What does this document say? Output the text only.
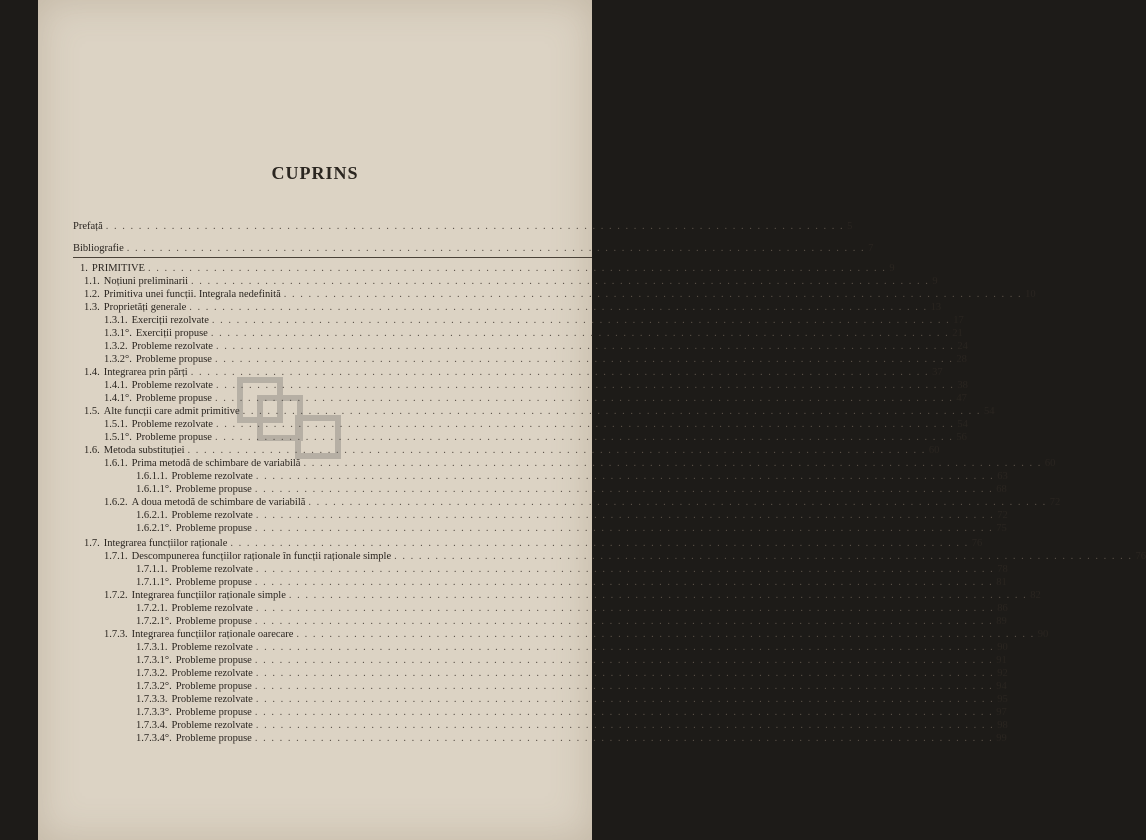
CUPRINS
Prefață . . . . . . . . . . . . . . . . . . . . . . . . . . . . . . . . . . . . . . . . . . . . . . . . . . . . . . . . . . . . . . . . . . . . . . . . . . . . . . . . . . . . . . . . . . 5
Bibliografie . . . . . . . . . . . . . . . . . . . . . . . . . . . . . . . . . . . . . . . . . . . . . . . . . . . . . . . . . . . . . . . . . . . . . . . . . . . . . . . . . . . . . . . . . . 7
1. PRIMITIVE . . . . . . . . . . . . . . . . . . . . . . . . . . . . . . . . . . . . . . . . . . . . . . . . . . . . . . . . . . . . . . . . . . . . . . . . . . . . . . . . . . . . . . . . . . 9
1.1. Noțiuni preliminarii . . . . . . . . . . . . . . . . . . . . . . . . . . . . . . . . . . . . . . . . . . . . . . . . . . . . . . . . . . . . . . . . . . . . . . . . . . . . . . . . . . . . . . . . . . 9
1.2. Primitiva unei funcții. Integrala nedefinită . . . . . . . . . . . . . . . . . . . . . . . . . . . . . . . . . . . . . . . . . . . . . . . . . . . . . . . . . . . . . . . . . . . . . . . . . . . . . . . . . . . . . . . . . . 10
1.3. Proprietăți generale . . . . . . . . . . . . . . . . . . . . . . . . . . . . . . . . . . . . . . . . . . . . . . . . . . . . . . . . . . . . . . . . . . . . . . . . . . . . . . . . . . . . . . . . . . 13
1.3.1. Exerciții rezolvate . . . . . . . . . . . . . . . . . . . . . . . . . . . . . . . . . . . . . . . . . . . . . . . . . . . . . . . . . . . . . . . . . . . . . . . . . . . . . . . . . . . . . . . . . . 17
1.3.1°. Exerciții propuse . . . . . . . . . . . . . . . . . . . . . . . . . . . . . . . . . . . . . . . . . . . . . . . . . . . . . . . . . . . . . . . . . . . . . . . . . . . . . . . . . . . . . . . . . . 21
1.3.2. Probleme rezolvate . . . . . . . . . . . . . . . . . . . . . . . . . . . . . . . . . . . . . . . . . . . . . . . . . . . . . . . . . . . . . . . . . . . . . . . . . . . . . . . . . . . . . . . . . . 24
1.3.2°. Probleme propuse . . . . . . . . . . . . . . . . . . . . . . . . . . . . . . . . . . . . . . . . . . . . . . . . . . . . . . . . . . . . . . . . . . . . . . . . . . . . . . . . . . . . . . . . . . 28
1.4. Integrarea prin părți . . . . . . . . . . . . . . . . . . . . . . . . . . . . . . . . . . . . . . . . . . . . . . . . . . . . . . . . . . . . . . . . . . . . . . . . . . . . . . . . . . . . . . . . . . 37
1.4.1. Probleme rezolvate . . . . . . . . . . . . . . . . . . . . . . . . . . . . . . . . . . . . . . . . . . . . . . . . . . . . . . . . . . . . . . . . . . . . . . . . . . . . . . . . . . . . . . . . . . 38
1.4.1°. Probleme propuse . . . . . . . . . . . . . . . . . . . . . . . . . . . . . . . . . . . . . . . . . . . . . . . . . . . . . . . . . . . . . . . . . . . . . . . . . . . . . . . . . . . . . . . . . . 47
1.5. Alte funcții care admit primitive . . . . . . . . . . . . . . . . . . . . . . . . . . . . . . . . . . . . . . . . . . . . . . . . . . . . . . . . . . . . . . . . . . . . . . . . . . . . . . . . . . . . . . . . . . 54
1.5.1. Probleme rezolvate . . . . . . . . . . . . . . . . . . . . . . . . . . . . . . . . . . . . . . . . . . . . . . . . . . . . . . . . . . . . . . . . . . . . . . . . . . . . . . . . . . . . . . . . . . 54
1.5.1°. Probleme propuse . . . . . . . . . . . . . . . . . . . . . . . . . . . . . . . . . . . . . . . . . . . . . . . . . . . . . . . . . . . . . . . . . . . . . . . . . . . . . . . . . . . . . . . . . . 56
1.6. Metoda substituției . . . . . . . . . . . . . . . . . . . . . . . . . . . . . . . . . . . . . . . . . . . . . . . . . . . . . . . . . . . . . . . . . . . . . . . . . . . . . . . . . . . . . . . . . . 60
1.6.1. Prima metodă de schimbare de variabilă . . . . . . . . . . . . . . . . . . . . . . . . . . . . . . . . . . . . . . . . . . . . . . . . . . . . . . . . . . . . . . . . . . . . . . . . . . . . . . . . . . . . . . . . . . 60
1.6.1.1. Probleme rezolvate . . . . . . . . . . . . . . . . . . . . . . . . . . . . . . . . . . . . . . . . . . . . . . . . . . . . . . . . . . . . . . . . . . . . . . . . . . . . . . . . . . . . . . . . . . 63
1.6.1.1°. Probleme propuse . . . . . . . . . . . . . . . . . . . . . . . . . . . . . . . . . . . . . . . . . . . . . . . . . . . . . . . . . . . . . . . . . . . . . . . . . . . . . . . . . . . . . . . . . . 68
1.6.2. A doua metodă de schimbare de variabilă . . . . . . . . . . . . . . . . . . . . . . . . . . . . . . . . . . . . . . . . . . . . . . . . . . . . . . . . . . . . . . . . . . . . . . . . . . . . . . . . . . . . . . . . . . 72
1.6.2.1. Probleme rezolvate . . . . . . . . . . . . . . . . . . . . . . . . . . . . . . . . . . . . . . . . . . . . . . . . . . . . . . . . . . . . . . . . . . . . . . . . . . . . . . . . . . . . . . . . . . 72
1.6.2.1°. Probleme propuse . . . . . . . . . . . . . . . . . . . . . . . . . . . . . . . . . . . . . . . . . . . . . . . . . . . . . . . . . . . . . . . . . . . . . . . . . . . . . . . . . . . . . . . . . . 75
1.7. Integrarea funcțiilor raționale . . . . . . . . . . . . . . . . . . . . . . . . . . . . . . . . . . . . . . . . . . . . . . . . . . . . . . . . . . . . . . . . . . . . . . . . . . . . . . . . . . . . . . . . . . 76
1.7.1. Descompunerea funcțiilor raționale în funcții raționale simple . . . . . . . . . . . . . . . . . . . . . . . . . . . . . . . . . . . . . . . . . . . . . . . . . . . . . . . . . . . . . . . . . . . . . . . . . . . . . . . . . . . . . . . . . . 76
1.7.1.1. Probleme rezolvate . . . . . . . . . . . . . . . . . . . . . . . . . . . . . . . . . . . . . . . . . . . . . . . . . . . . . . . . . . . . . . . . . . . . . . . . . . . . . . . . . . . . . . . . . . 78
1.7.1.1°. Probleme propuse . . . . . . . . . . . . . . . . . . . . . . . . . . . . . . . . . . . . . . . . . . . . . . . . . . . . . . . . . . . . . . . . . . . . . . . . . . . . . . . . . . . . . . . . . . 81
1.7.2. Integrarea funcțiilor raționale simple . . . . . . . . . . . . . . . . . . . . . . . . . . . . . . . . . . . . . . . . . . . . . . . . . . . . . . . . . . . . . . . . . . . . . . . . . . . . . . . . . . . . . . . . . . 82
1.7.2.1. Probleme rezolvate . . . . . . . . . . . . . . . . . . . . . . . . . . . . . . . . . . . . . . . . . . . . . . . . . . . . . . . . . . . . . . . . . . . . . . . . . . . . . . . . . . . . . . . . . . 86
1.7.2.1°. Probleme propuse . . . . . . . . . . . . . . . . . . . . . . . . . . . . . . . . . . . . . . . . . . . . . . . . . . . . . . . . . . . . . . . . . . . . . . . . . . . . . . . . . . . . . . . . . . 89
1.7.3. Integrarea funcțiilor raționale oarecare . . . . . . . . . . . . . . . . . . . . . . . . . . . . . . . . . . . . . . . . . . . . . . . . . . . . . . . . . . . . . . . . . . . . . . . . . . . . . . . . . . . . . . . . . . 90
1.7.3.1. Probleme rezolvate . . . . . . . . . . . . . . . . . . . . . . . . . . . . . . . . . . . . . . . . . . . . . . . . . . . . . . . . . . . . . . . . . . . . . . . . . . . . . . . . . . . . . . . . . . 90
1.7.3.1°. Probleme propuse . . . . . . . . . . . . . . . . . . . . . . . . . . . . . . . . . . . . . . . . . . . . . . . . . . . . . . . . . . . . . . . . . . . . . . . . . . . . . . . . . . . . . . . . . . 91
1.7.3.2. Probleme rezolvate . . . . . . . . . . . . . . . . . . . . . . . . . . . . . . . . . . . . . . . . . . . . . . . . . . . . . . . . . . . . . . . . . . . . . . . . . . . . . . . . . . . . . . . . . . 92
1.7.3.2°. Probleme propuse . . . . . . . . . . . . . . . . . . . . . . . . . . . . . . . . . . . . . . . . . . . . . . . . . . . . . . . . . . . . . . . . . . . . . . . . . . . . . . . . . . . . . . . . . . 94
1.7.3.3. Probleme rezolvate . . . . . . . . . . . . . . . . . . . . . . . . . . . . . . . . . . . . . . . . . . . . . . . . . . . . . . . . . . . . . . . . . . . . . . . . . . . . . . . . . . . . . . . . . . 95
1.7.3.3°. Probleme propuse . . . . . . . . . . . . . . . . . . . . . . . . . . . . . . . . . . . . . . . . . . . . . . . . . . . . . . . . . . . . . . . . . . . . . . . . . . . . . . . . . . . . . . . . . . 97
1.7.3.4. Probleme rezolvate . . . . . . . . . . . . . . . . . . . . . . . . . . . . . . . . . . . . . . . . . . . . . . . . . . . . . . . . . . . . . . . . . . . . . . . . . . . . . . . . . . . . . . . . . . 98
1.7.3.4°. Probleme propuse . . . . . . . . . . . . . . . . . . . . . . . . . . . . . . . . . . . . . . . . . . . . . . . . . . . . . . . . . . . . . . . . . . . . . . . . . . . . . . . . . . . . . . . . . . 99
